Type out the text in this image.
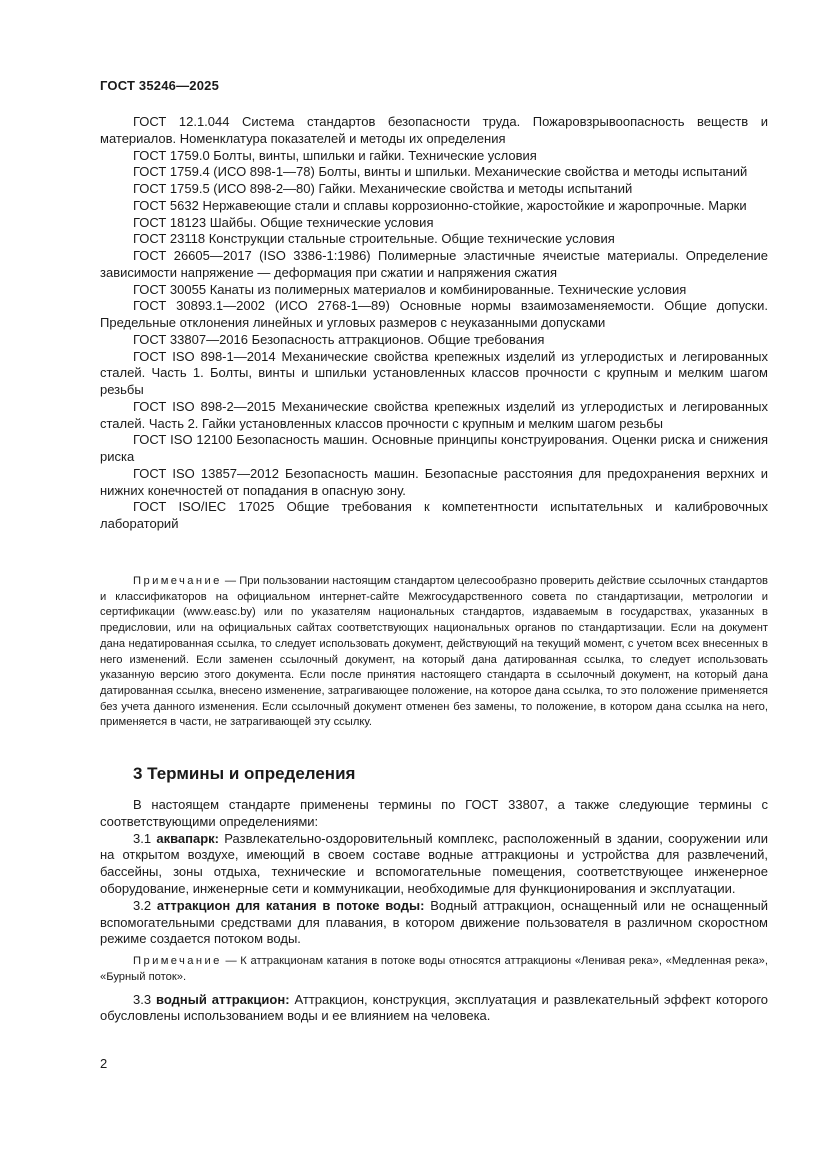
ГОСТ 35246—2025

ГОСТ 12.1.044 Система стандартов безопасности труда. Пожаровзрывоопасность веществ и материалов. Номенклатура показателей и методы их определения

ГОСТ 1759.0 Болты, винты, шпильки и гайки. Технические условия

ГОСТ 1759.4 (ИСО 898-1—78) Болты, винты и шпильки. Механические свойства и методы испытаний

ГОСТ 1759.5 (ИСО 898-2—80) Гайки. Механические свойства и методы испытаний

ГОСТ 5632 Нержавеющие стали и сплавы коррозионно-стойкие, жаростойкие и жаропрочные. Марки

ГОСТ 18123 Шайбы. Общие технические условия

ГОСТ 23118 Конструкции стальные строительные. Общие технические условия

ГОСТ 26605—2017 (ISO 3386-1:1986) Полимерные эластичные ячеистые материалы. Определение зависимости напряжение — деформация при сжатии и напряжения сжатия

ГОСТ 30055 Канаты из полимерных материалов и комбинированные. Технические условия

ГОСТ 30893.1—2002 (ИСО 2768-1—89) Основные нормы взаимозаменяемости. Общие допуски. Предельные отклонения линейных и угловых размеров с неуказанными допусками

ГОСТ 33807—2016 Безопасность аттракционов. Общие требования

ГОСТ ISO 898-1—2014 Механические свойства крепежных изделий из углеродистых и легированных сталей. Часть 1. Болты, винты и шпильки установленных классов прочности с крупным и мелким шагом резьбы

ГОСТ ISO 898-2—2015 Механические свойства крепежных изделий из углеродистых и легированных сталей. Часть 2. Гайки установленных классов прочности с крупным и мелким шагом резьбы

ГОСТ ISO 12100 Безопасность машин. Основные принципы конструирования. Оценки риска и снижения риска

ГОСТ ISO 13857—2012 Безопасность машин. Безопасные расстояния для предохранения верхних и нижних конечностей от попадания в опасную зону.

ГОСТ ISO/IEC 17025 Общие требования к компетентности испытательных и калибровочных лабораторий

Примечание — При пользовании настоящим стандартом целесообразно проверить действие ссылочных стандартов и классификаторов на официальном интернет-сайте Межгосударственного совета по стандартизации, метрологии и сертификации (www.easc.by) или по указателям национальных стандартов, издаваемым в государствах, указанных в предисловии, или на официальных сайтах соответствующих национальных органов по стандартизации. Если на документ дана недатированная ссылка, то следует использовать документ, действующий на текущий момент, с учетом всех внесенных в него изменений. Если заменен ссылочный документ, на который дана датированная ссылка, то следует использовать указанную версию этого документа. Если после принятия настоящего стандарта в ссылочный документ, на который дана датированная ссылка, внесено изменение, затрагивающее положение, на которое дана ссылка, то это положение применяется без учета данного изменения. Если ссылочный документ отменен без замены, то положение, в котором дана ссылка на него, применяется в части, не затрагивающей эту ссылку.

3 Термины и определения

В настоящем стандарте применены термины по ГОСТ 33807, а также следующие термины с соответствующими определениями:

3.1 аквапарк: Развлекательно-оздоровительный комплекс, расположенный в здании, сооружении или на открытом воздухе, имеющий в своем составе водные аттракционы и устройства для развлечений, бассейны, зоны отдыха, технические и вспомогательные помещения, соответствующее инженерное оборудование, инженерные сети и коммуникации, необходимые для функционирования и эксплуатации.

3.2 аттракцион для катания в потоке воды: Водный аттракцион, оснащенный или не оснащенный вспомогательными средствами для плавания, в котором движение пользователя в различном скоростном режиме создается потоком воды.

Примечание — К аттракционам катания в потоке воды относятся аттракционы «Ленивая река», «Медленная река», «Бурный поток».

3.3 водный аттракцион: Аттракцион, конструкция, эксплуатация и развлекательный эффект которого обусловлены использованием воды и ее влиянием на человека.

2
